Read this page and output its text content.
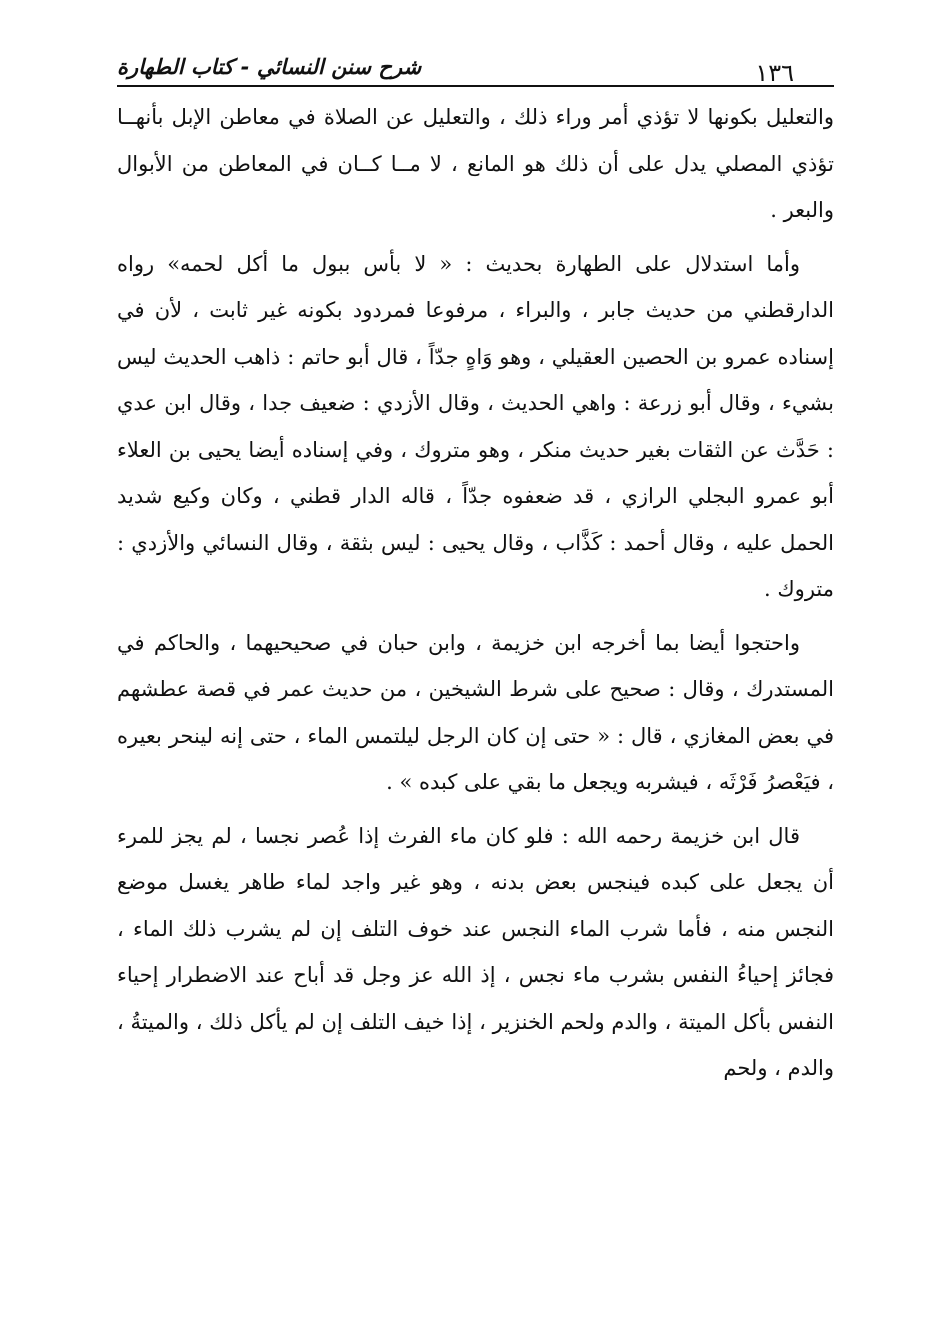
شرح سنن النسائي - كتاب الطهارة	١٣٦

والتعليل بكونها لا تؤذي أمر وراء ذلك ، والتعليل عن الصلاة في معاطن الإبل بأنهــا تؤذي المصلي يدل على أن ذلك هو المانع ، لا مــا كــان في المعاطن من الأبوال والبعر .

وأما استدلال على الطهارة بحديث : « لا بأس ببول ما أكل لحمه» رواه الدارقطني من حديث جابر ، والبراء ، مرفوعا فمردود بكونه غير ثابت ، لأن في إسناده عمرو بن الحصين العقيلي ، وهو وَاهٍ جدّاً ، قال أبو حاتم : ذاهب الحديث ليس بشيء ، وقال أبو زرعة : واهي الحديث ، وقال الأزدي : ضعيف جدا ، وقال ابن عدي : حَدَّث عن الثقات بغير حديث منكر ، وهو متروك ، وفي إسناده أيضا يحيى بن العلاء أبو عمرو البجلي الرازي ، قد ضعفوه جدّاً ، قاله الدار قطني ، وكان وكيع شديد الحمل عليه ، وقال أحمد : كَذَّاب ، وقال يحيى : ليس بثقة ، وقال النسائي والأزدي : متروك .

واحتجوا أيضا بما أخرجه ابن خزيمة ، وابن حبان في صحيحيهما ، والحاكم في المستدرك ، وقال : صحيح على شرط الشيخين ، من حديث عمر في قصة عطشهم في بعض المغازي ، قال : « حتى إن كان الرجل ليلتمس الماء ، حتى إنه لينحر بعيره ، فيَعْصرُ فَرْثَه ، فيشربه ويجعل ما بقي على كبده » .

قال ابن خزيمة رحمه الله : فلو كان ماء الفرث إذا عُصر نجسا ، لم يجز للمرء أن يجعل على كبده فينجس بعض بدنه ، وهو غير واجد لماء طاهر يغسل موضع النجس منه ، فأما شرب الماء النجس عند خوف التلف إن لم يشرب ذلك الماء ، فجائز إحياءُ النفس بشرب ماء نجس ، إذ الله عز وجل قد أباح عند الاضطرار إحياء النفس بأكل الميتة ، والدم ولحم الخنزير ، إذا خيف التلف إن لم يأكل ذلك ، والميتةُ ، والدم ، ولحم
